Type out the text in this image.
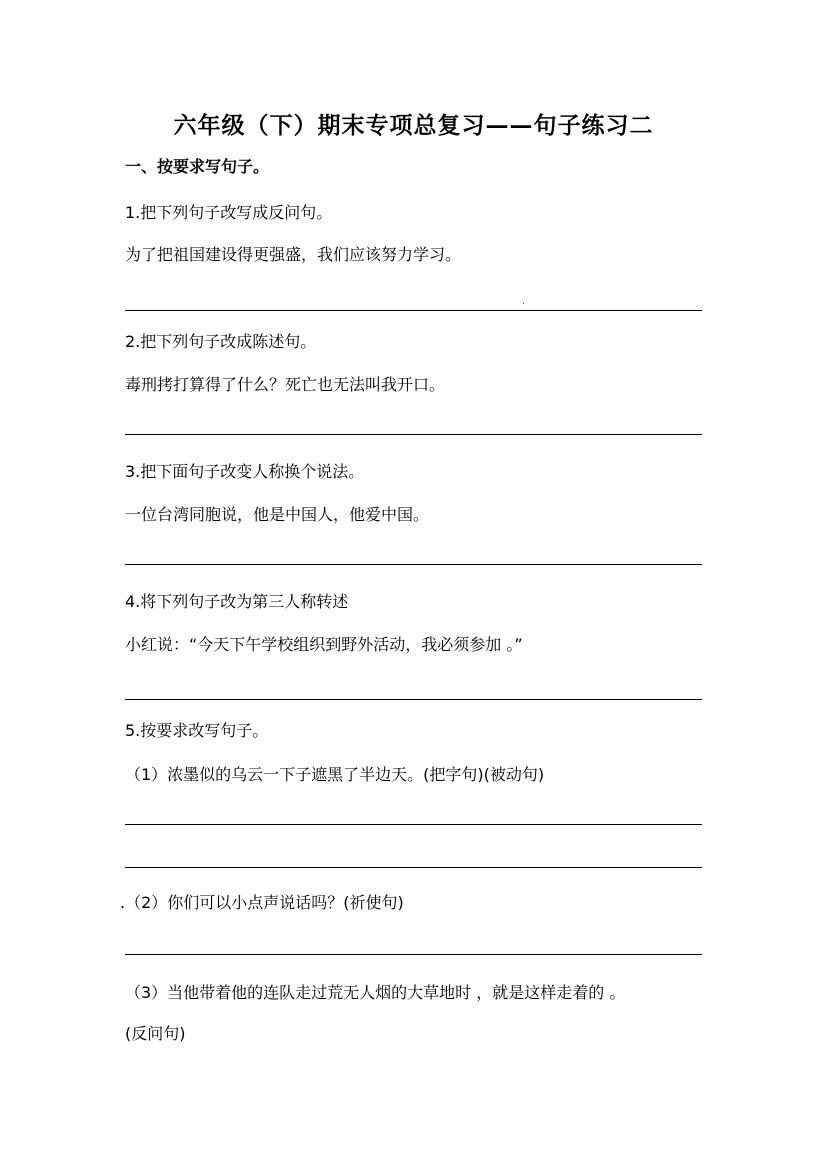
六年级（下）期末专项总复习——句子练习二
一、按要求写句子。
1.把下列句子改写成反问句。
为了把祖国建设得更强盛，我们应该努力学习。
.
2.把下列句子改成陈述句。
毒刑拷打算得了什么？死亡也无法叫我开口。
3.把下面句子改变人称换个说法。
一位台湾同胞说，他是中国人，他爱中国。
4.将下列句子改为第三人称转述
小红说：“今天下午学校组织到野外活动，我必须参加 。”
5.按要求改写句子。
（1）浓墨似的乌云一下子遮黑了半边天。(把字句)(被动句)
.（2）你们可以小点声说话吗？(祈使句)
（3）当他带着他的连队走过荒无人烟的大草地时 ，就是这样走着的 。
(反问句)
